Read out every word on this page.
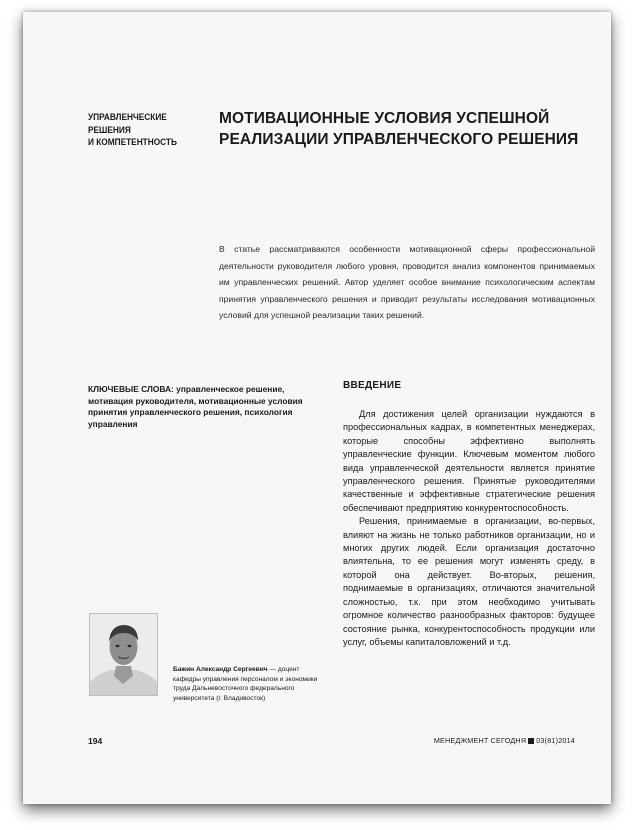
УПРАВЛЕНЧЕСКИЕ
РЕШЕНИЯ
И КОМПЕТЕНТНОСТЬ
МОТИВАЦИОННЫЕ УСЛОВИЯ УСПЕШНОЙ
РЕАЛИЗАЦИИ УПРАВЛЕНЧЕСКОГО РЕШЕНИЯ
В статье рассматриваются особенности мотивационной сферы профессиональной деятельности руководителя любого уровня, проводится анализ компонентов принимаемых им управленческих решений. Автор уделяет особое внимание психологическим аспектам принятия управленческого решения и приводит результаты исследования мотивационных условий для успешной реализации таких решений.
КЛЮЧЕВЫЕ СЛОВА: управленческое решение, мотивация руководителя, мотивационные условия принятия управленческого решения, психология управления
ВВЕДЕНИЕ

Для достижения целей организации нуждаются в профессиональных кадрах, в компетентных менеджерах, которые способны эффективно выполнять управленческие функции. Ключевым моментом любого вида управленческой деятельности является принятие управленческого решения. Принятые руководителями качественные и эффективные стратегические решения обеспечивают предприятию конкурентоспособность.

Решения, принимаемые в организации, во-первых, влияют на жизнь не только работников организации, но и многих других людей. Если организация достаточно влиятельна, то ее решения могут изменять среду, в которой она действует. Во-вторых, решения, поднимаемые в организациях, отличаются значительной сложностью, т.к. при этом необходимо учитывать огромное количество разнообразных факторов: будущее состояние рынка, конкурентоспособность продукции или услуг, объемы капиталовложений и т.д.

Бажин Александр Сергеевич — доцент кафедры управления персоналом и экономики труда Дальневосточного федерального университета (г. Владивосток)
194	МЕНЕДЖМЕНТ СЕГОДНЯ 03(81)2014
